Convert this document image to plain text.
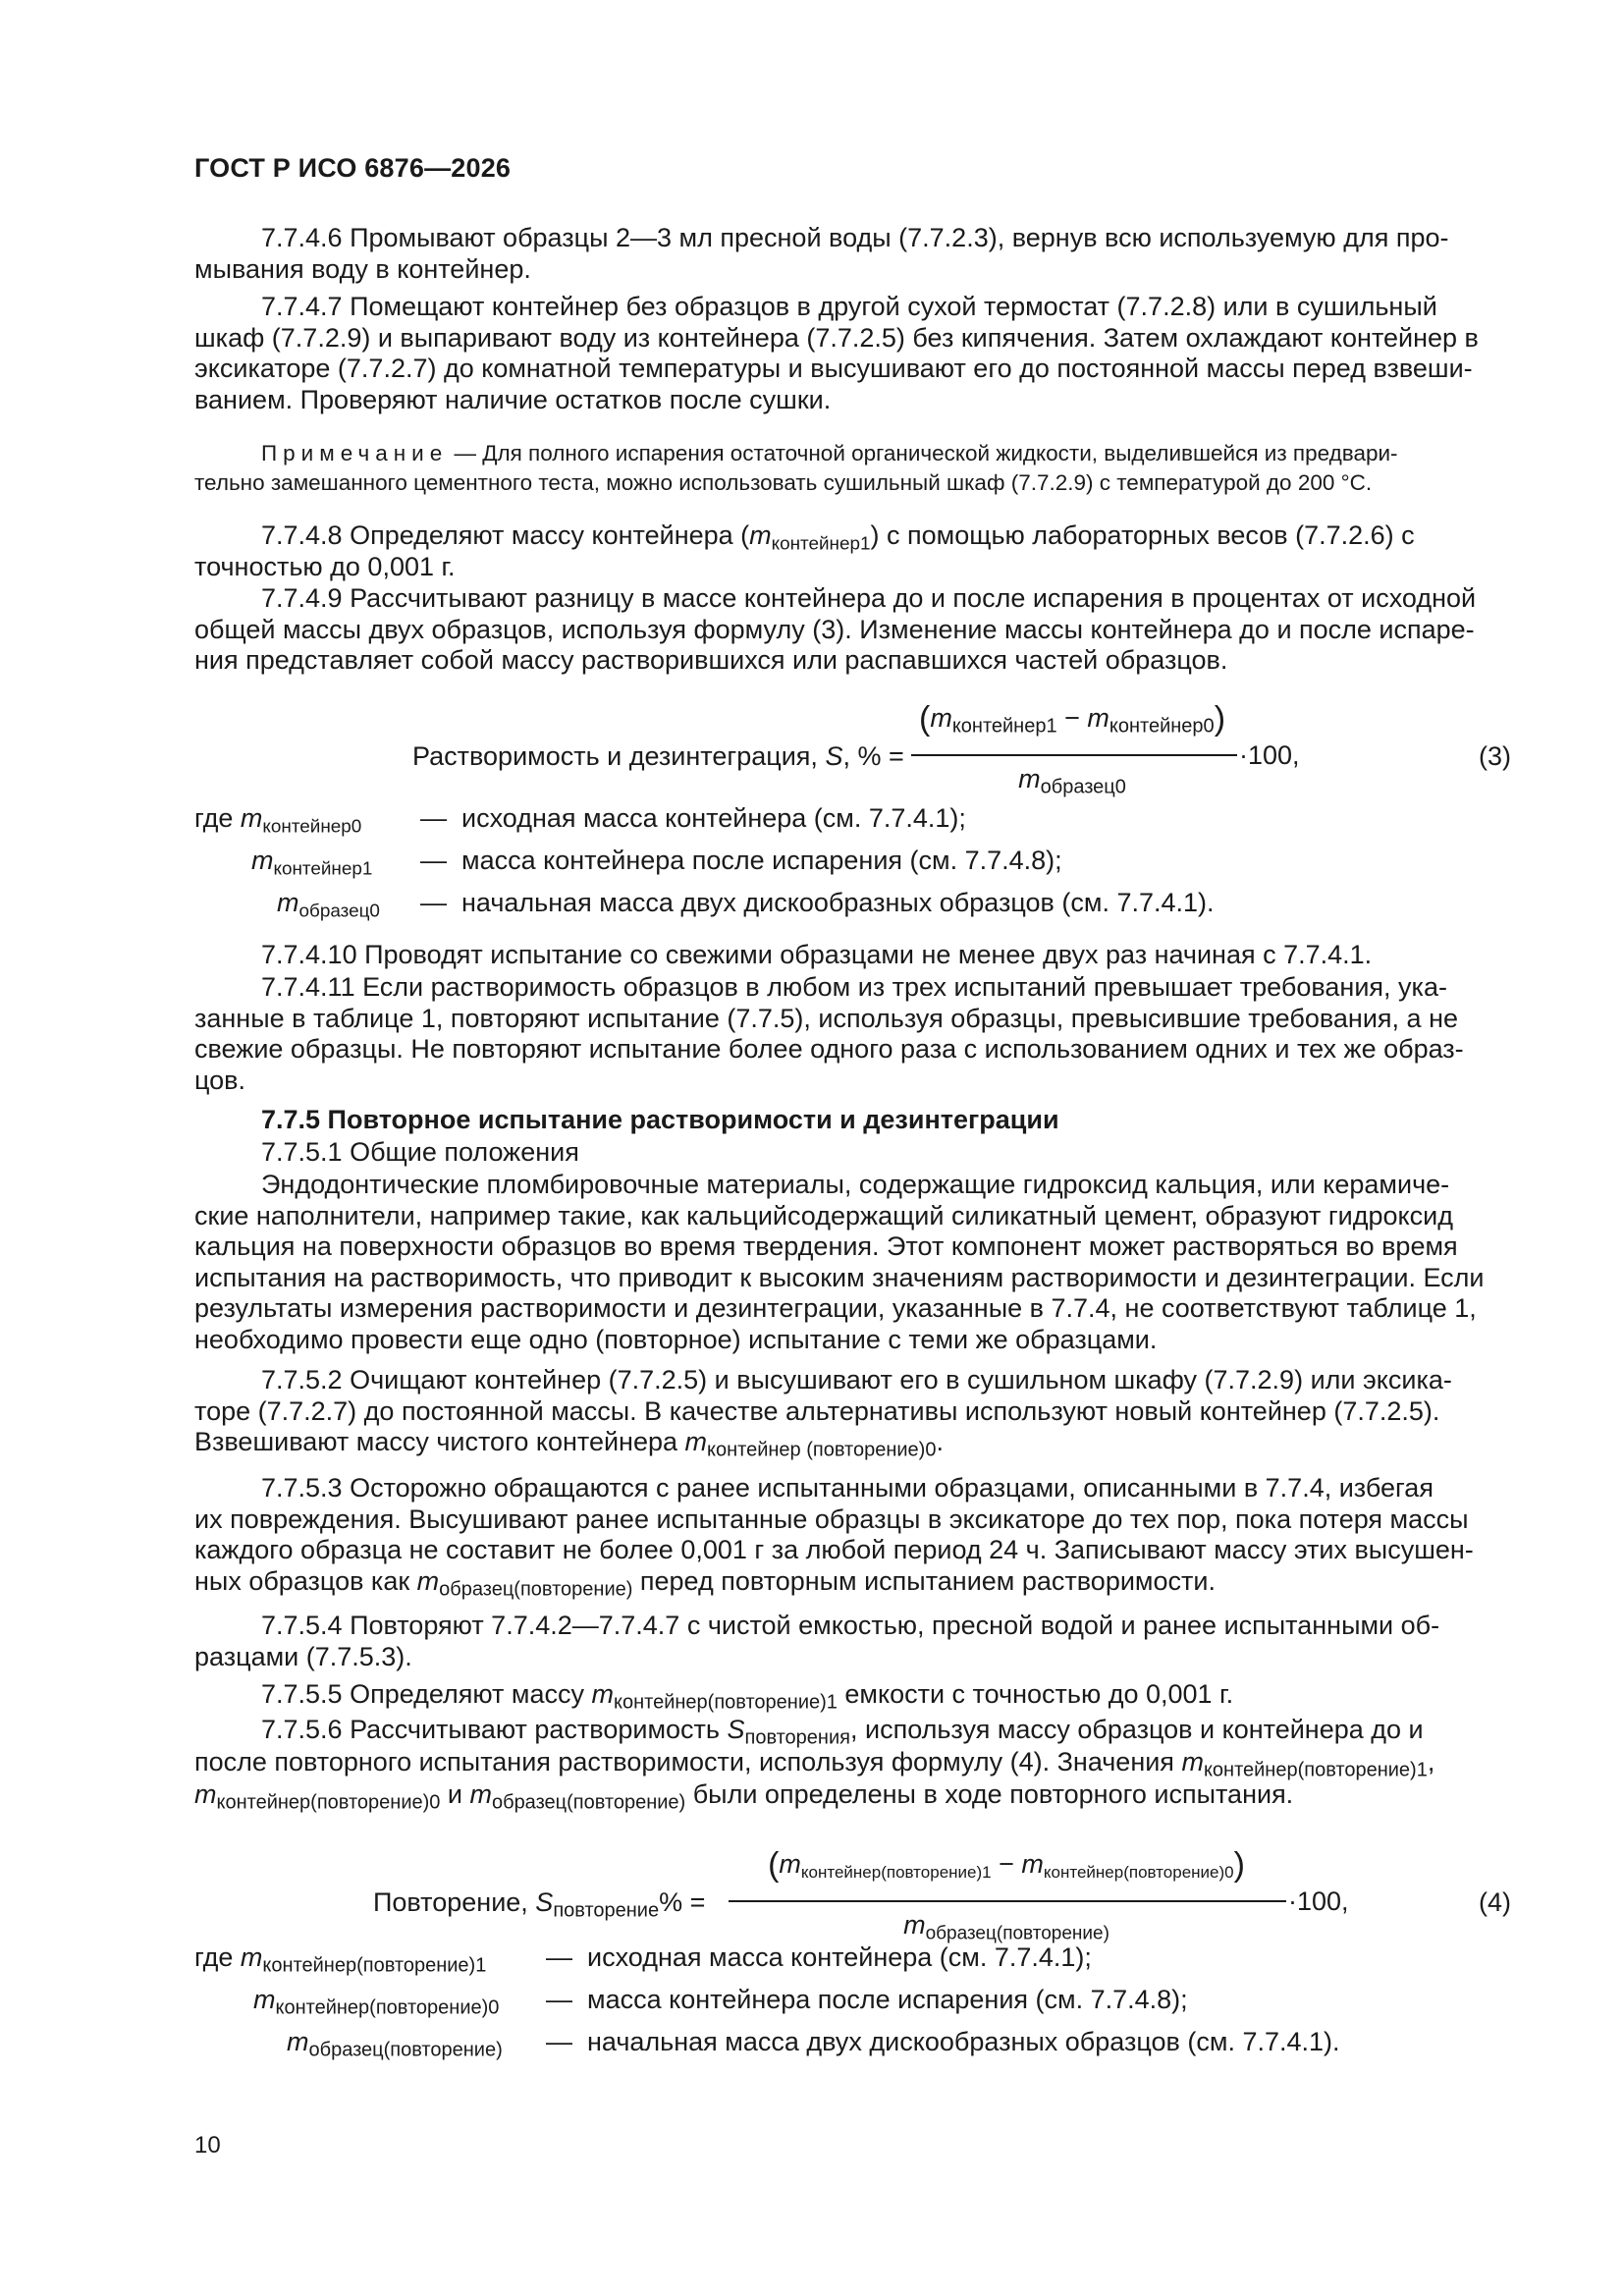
ГОСТ Р ИСО 6876—2026
7.7.4.6 Промывают образцы 2—3 мл пресной воды (7.7.2.3), вернув всю используемую для про-
мывания воду в контейнер.
7.7.4.7 Помещают контейнер без образцов в другой сухой термостат (7.7.2.8) или в сушильный
шкаф (7.7.2.9) и выпаривают воду из контейнера (7.7.2.5) без кипячения. Затем охлаждают контейнер в
эксикаторе (7.7.2.7) до комнатной температуры и высушивают его до постоянной массы перед взвеши-
ванием. Проверяют наличие остатков после сушки.
Примечание — Для полного испарения остаточной органической жидкости, выделившейся из предвари-
тельно замешанного цементного теста, можно использовать сушильный шкаф (7.7.2.9) с температурой до 200 °C.
7.7.4.8 Определяют массу контейнера $(m_{контейнер1})$ с помощью лабораторных весов (7.7.2.6) с
точностью до 0,001 г.
7.7.4.9 Рассчитывают разницу в массе контейнера до и после испарения в процентах от исходной
общей массы двух образцов, используя формулу (3). Изменение массы контейнера до и после испаре-
ния представляет собой массу растворившихся или распавшихся частей образцов.
Растворимость и дезинтеграция, S, % =
$(m_{контейнер1} - m_{контейнер0})$
$m_{образец0}$
·100,	(3)
где $m_{контейнер0}$ — исходная масса контейнера (см. 7.7.4.1);
$m_{контейнер1}$ — масса контейнера после испарения (см. 7.7.4.8);
$m_{образец0}$ — начальная масса двух дискообразных образцов (см. 7.7.4.1).
7.7.4.10 Проводят испытание со свежими образцами не менее двух раз начиная с 7.7.4.1.
7.7.4.11 Если растворимость образцов в любом из трех испытаний превышает требования, ука-
занные в таблице 1, повторяют испытание (7.7.5), используя образцы, превысившие требования, а не
свежие образцы. Не повторяют испытание более одного раза с использованием одних и тех же образ-
цов.
7.7.5 Повторное испытание растворимости и дезинтеграции
7.7.5.1 Общие положения
Эндодонтические пломбировочные материалы, содержащие гидроксид кальция, или керамиче-
ские наполнители, например такие, как кальцийсодержащий силикатный цемент, образуют гидроксид
кальция на поверхности образцов во время твердения. Этот компонент может растворяться во время
испытания на растворимость, что приводит к высоким значениям растворимости и дезинтеграции. Если
результаты измерения растворимости и дезинтеграции, указанные в 7.7.4, не соответствуют таблице 1,
необходимо провести еще одно (повторное) испытание с теми же образцами.
7.7.5.2 Очищают контейнер (7.7.2.5) и высушивают его в сушильном шкафу (7.7.2.9) или эксика-
торе (7.7.2.7) до постоянной массы. В качестве альтернативы используют новый контейнер (7.7.2.5).
Взвешивают массу чистого контейнера $m_{контейнер (повторение)0}$.
7.7.5.3 Осторожно обращаются с ранее испытанными образцами, описанными в 7.7.4, избегая
их повреждения. Высушивают ранее испытанные образцы в эксикаторе до тех пор, пока потеря массы
каждого образца не составит не более 0,001 г за любой период 24 ч. Записывают массу этих высушен-
ных образцов как $m_{образец(повторение)}$ перед повторным испытанием растворимости.
7.7.5.4 Повторяют 7.7.4.2—7.7.4.7 с чистой емкостью, пресной водой и ранее испытанными об-
разцами (7.7.5.3).
7.7.5.5 Определяют массу $m_{контейнер(повторение)1}$ емкости с точностью до 0,001 г.
7.7.5.6 Рассчитывают растворимость $S_{повторения}$, используя массу образцов и контейнера до и
после повторного испытания растворимости, используя формулу (4). Значения $m_{контейнер(повторение)1}$,
$m_{контейнер(повторение)0}$ и $m_{образец(повторение)}$ были определены в ходе повторного испытания.
Повторение, $S_{повторение}\%$ =
$(m_{контейнер(повторение)1} - m_{контейнер(повторение)0})$
$m_{образец(повторение)}$
·100,	(4)
где $m_{контейнер(повторение)1}$ — исходная масса контейнера (см. 7.7.4.1);
$m_{контейнер(повторение)0}$ — масса контейнера после испарения (см. 7.7.4.8);
$m_{образец(повторение)}$ — начальная масса двух дискообразных образцов (см. 7.7.4.1).
10
